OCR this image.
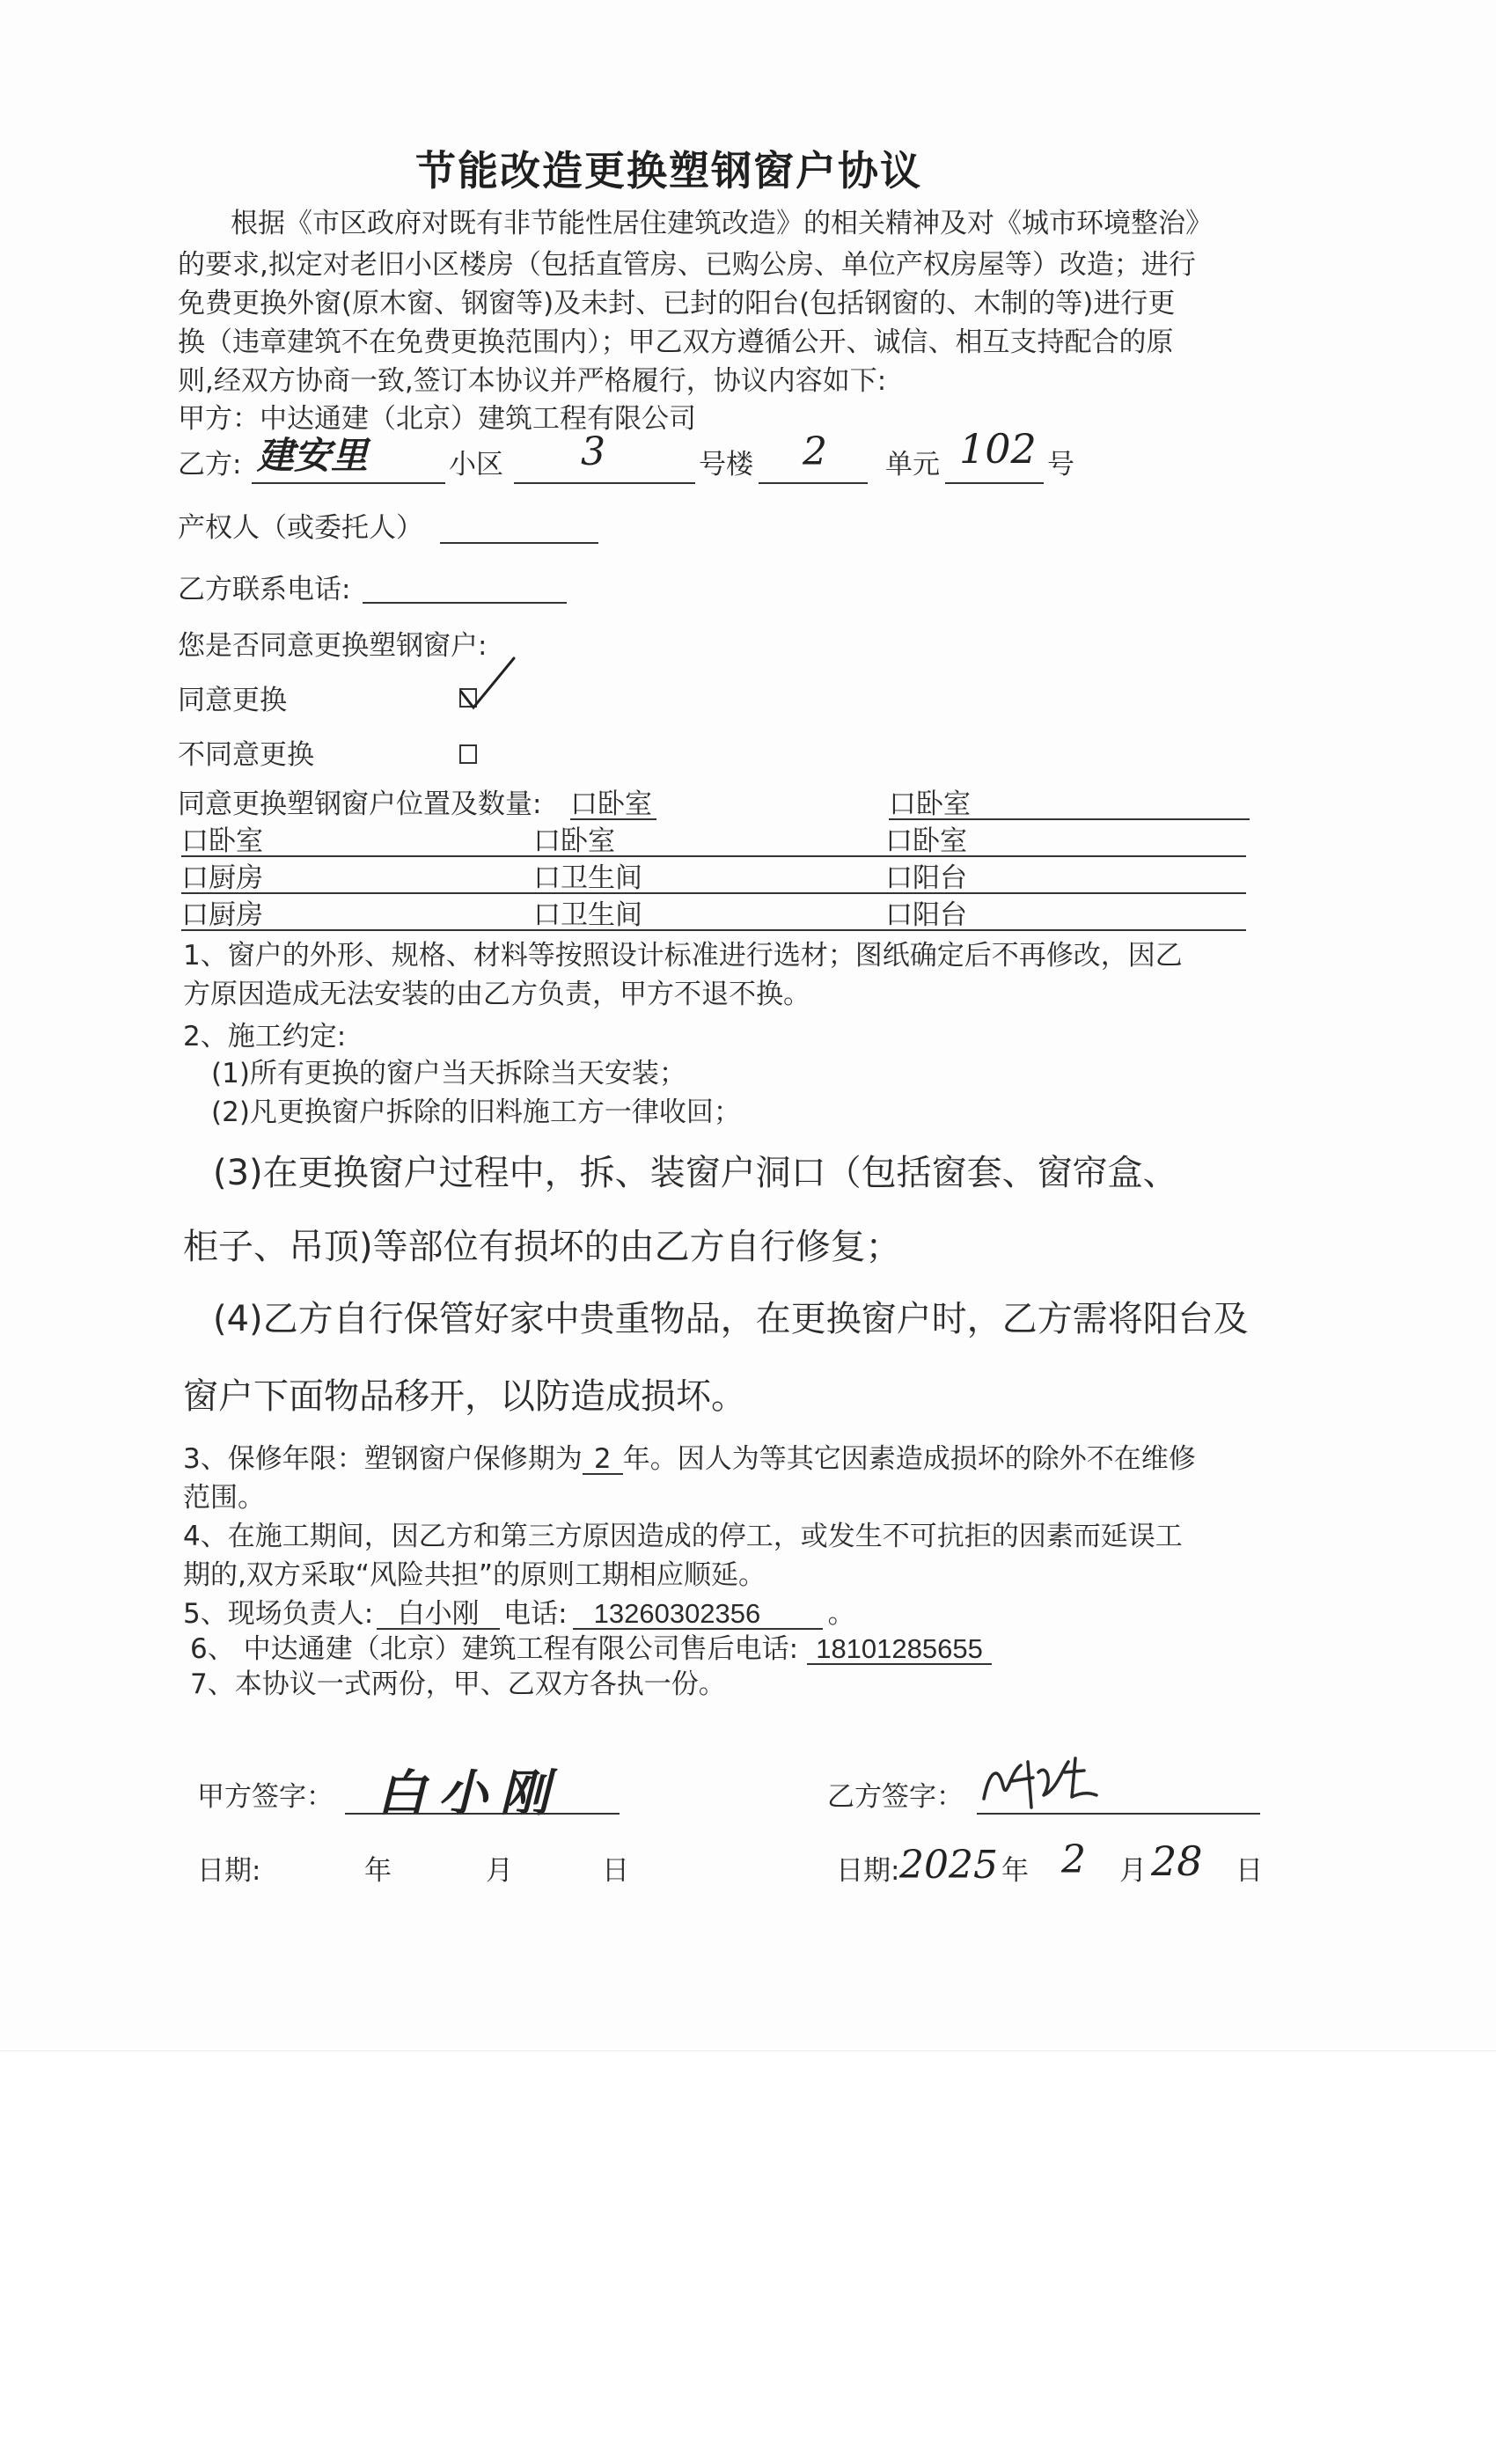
节能改造更换塑钢窗户协议
根据《市区政府对既有非节能性居住建筑改造》的相关精神及对《城市环境整治》
的要求,拟定对老旧小区楼房（包括直管房、已购公房、单位产权房屋等）改造；进行
免费更换外窗(原木窗、钢窗等)及未封、已封的阳台(包括钢窗的、木制的等)进行更
换（违章建筑不在免费更换范围内）；甲乙双方遵循公开、诚信、相互支持配合的原
则,经双方协商一致,签订本协议并严格履行，协议内容如下:
甲方：中达通建（北京）建筑工程有限公司
乙方: 建安里	小区 3	号楼 2 单元 102 号
产权人（或委托人）
乙方联系电话:
您是否同意更换塑钢窗户:
同意更换
不同意更换
同意更换塑钢窗户位置及数量: 口卧室	口卧室
口卧室	口卧室	口卧室
口厨房	口卫生间	口阳台
口厨房	口卫生间	口阳台
1、窗户的外形、规格、材料等按照设计标准进行选材；图纸确定后不再修改，因乙
方原因造成无法安装的由乙方负责，甲方不退不换。
2、施工约定:
(1)所有更换的窗户当天拆除当天安装；
(2)凡更换窗户拆除的旧料施工方一律收回；
(3)在更换窗户过程中，拆、装窗户洞口（包括窗套、窗帘盒、
柜子、吊顶)等部位有损坏的由乙方自行修复；
(4)乙方自行保管好家中贵重物品，在更换窗户时，乙方需将阳台及
窗户下面物品移开，以防造成损坏。
3、保修年限：塑钢窗户保修期为 2 年。因人为等其它因素造成损坏的除外不在维修
范围。
4、在施工期间，因乙方和第三方原因造成的停工，或发生不可抗拒的因素而延误工
期的,双方采取“风险共担”的原则工期相应顺延。
5、现场负责人: 白小刚 电话: 13260302356 。
6、 中达通建（北京）建筑工程有限公司售后电话: 18101285655
7、本协议一式两份，甲、乙双方各执一份。
甲方签字： 白小刚	乙方签字：
日期:	年	月	日	日期: 2025 年 2 月 28 日
